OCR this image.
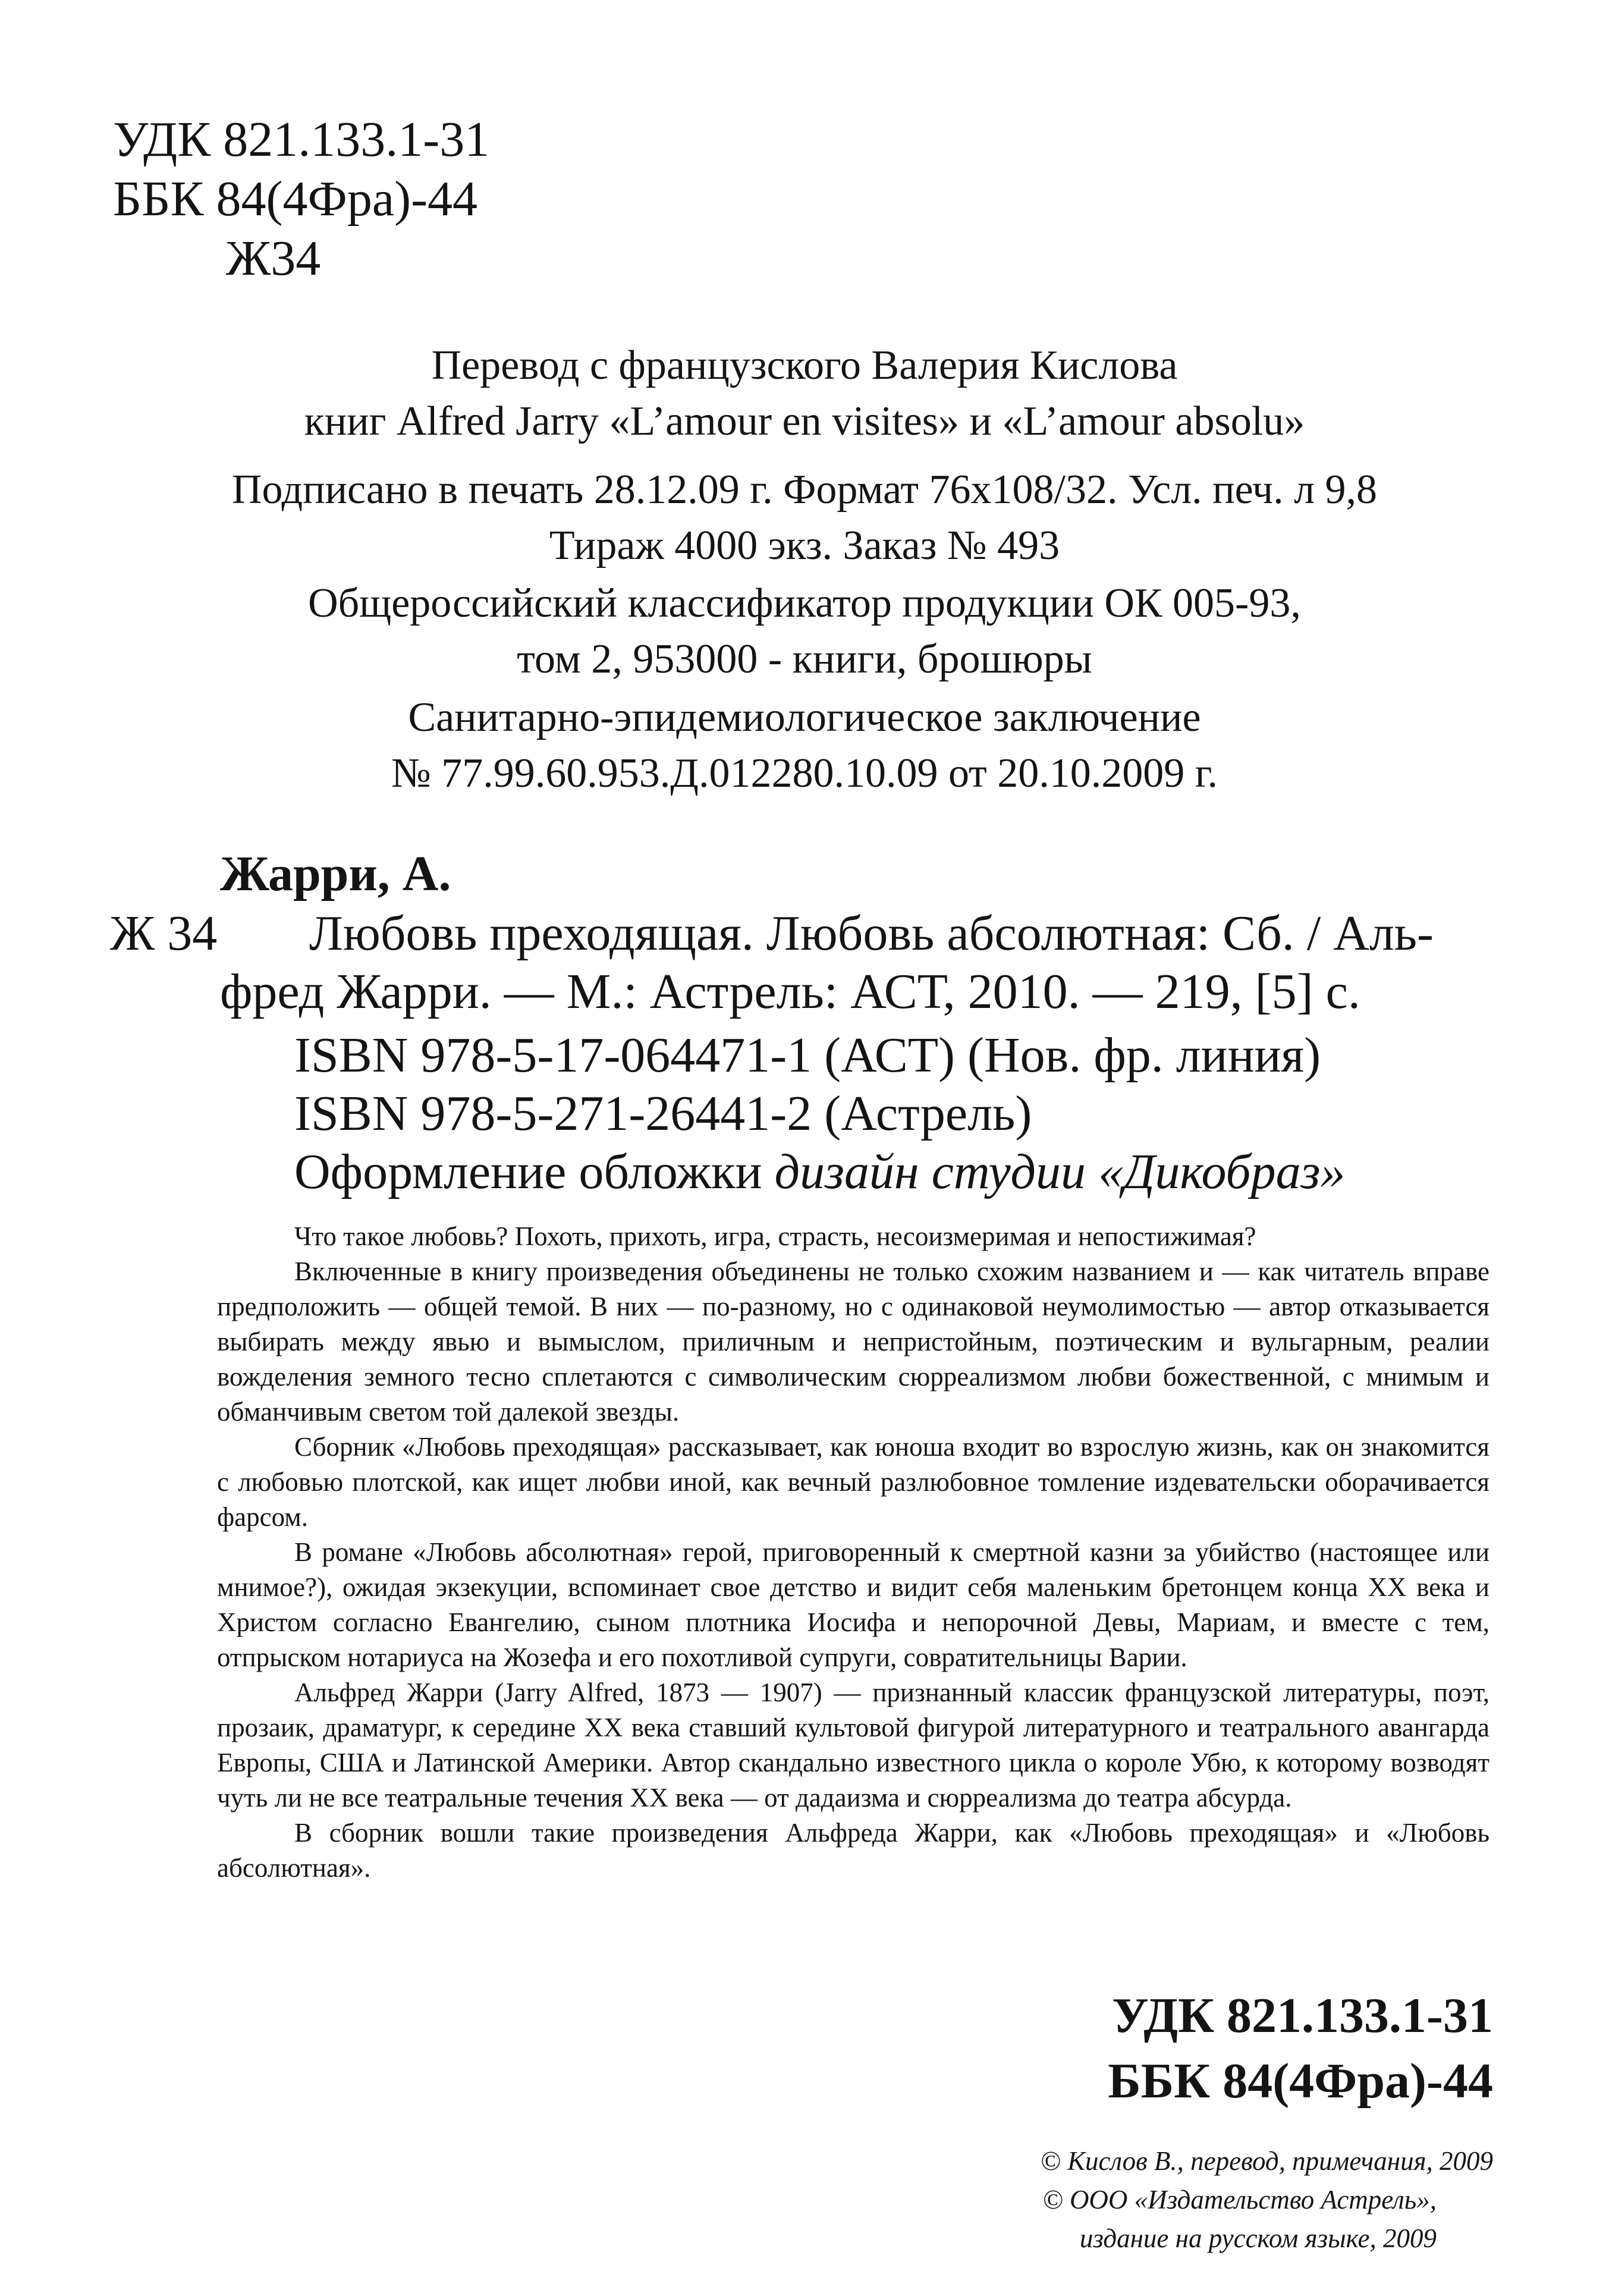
УДК 821.133.1-31
ББК 84(4Фра)-44
Ж34
Перевод с французского Валерия Кислова
книг Alfred Jarry «L’amour en visites» и «L’amour absolu»
Подписано в печать 28.12.09 г. Формат 76x108/32. Усл. печ. л 9,8
Тираж 4000 экз. Заказ № 493
Общероссийский классификатор продукции ОК 005-93,
том 2, 953000 - книги, брошюры
Санитарно-эпидемиологическое заключение
№ 77.99.60.953.Д.012280.10.09 от 20.10.2009 г.
Жарри, А.
Ж 34 Любовь преходящая. Любовь абсолютная: Сб. / Аль-
фред Жарри. — М.: Астрель: АСТ, 2010. — 219, [5] с.
ISBN 978-5-17-064471-1 (АСТ) (Нов. фр. линия)
ISBN 978-5-271-26441-2 (Астрель)
Оформление обложки дизайн студии «Дикобраз»

Что такое любовь? Похоть, прихоть, игра, страсть, несоизмеримая и непостижимая?

Включенные в книгу произведения объединены не только схожим названием и — как читатель вправе предположить — общей темой. В них — по-разному, но с одинаковой неумолимостью — автор отказывается выбирать между явью и вымыслом, приличным и непристойным, поэтическим и вульгарным, реалии вожделения земного тесно сплетаются с символическим сюрреализмом любви божественной, с мнимым и обманчивым светом той далекой звезды.

Сборник «Любовь преходящая» рассказывает, как юноша входит во взрослую жизнь, как он знакомится с любовью плотской, как ищет любви иной, как вечный разлюбовное томление издевательски оборачивается фарсом.

В романе «Любовь абсолютная» герой, приговоренный к смертной казни за убийство (настоящее или мнимое?), ожидая экзекуции, вспоминает свое детство и видит себя маленьким бретонцем конца XX века и Христом согласно Евангелию, сыном плотника Иосифа и непорочной Девы, Мариам, и вместе с тем, отпрыском нотариуса на Жозефа и его похотливой супруги, совратительницы Варии.

Альфред Жарри (Jarry Alfred, 1873 — 1907) — признанный классик французской литературы, поэт, прозаик, драматург, к середине XX века ставший культовой фигурой литературного и театрального авангарда Европы, США и Латинской Америки. Автор скандально известного цикла о короле Убю, к которому возводят чуть ли не все театральные течения XX века — от дадаизма и сюрреализма до театра абсурда.

В сборник вошли такие произведения Альфреда Жарри, как «Любовь преходящая» и «Любовь абсолютная».

УДК 821.133.1-31
ББК 84(4Фра)-44
© Кислов В., перевод, примечания, 2009
© ООО «Издательство Астрель»,
издание на русском языке, 2009
